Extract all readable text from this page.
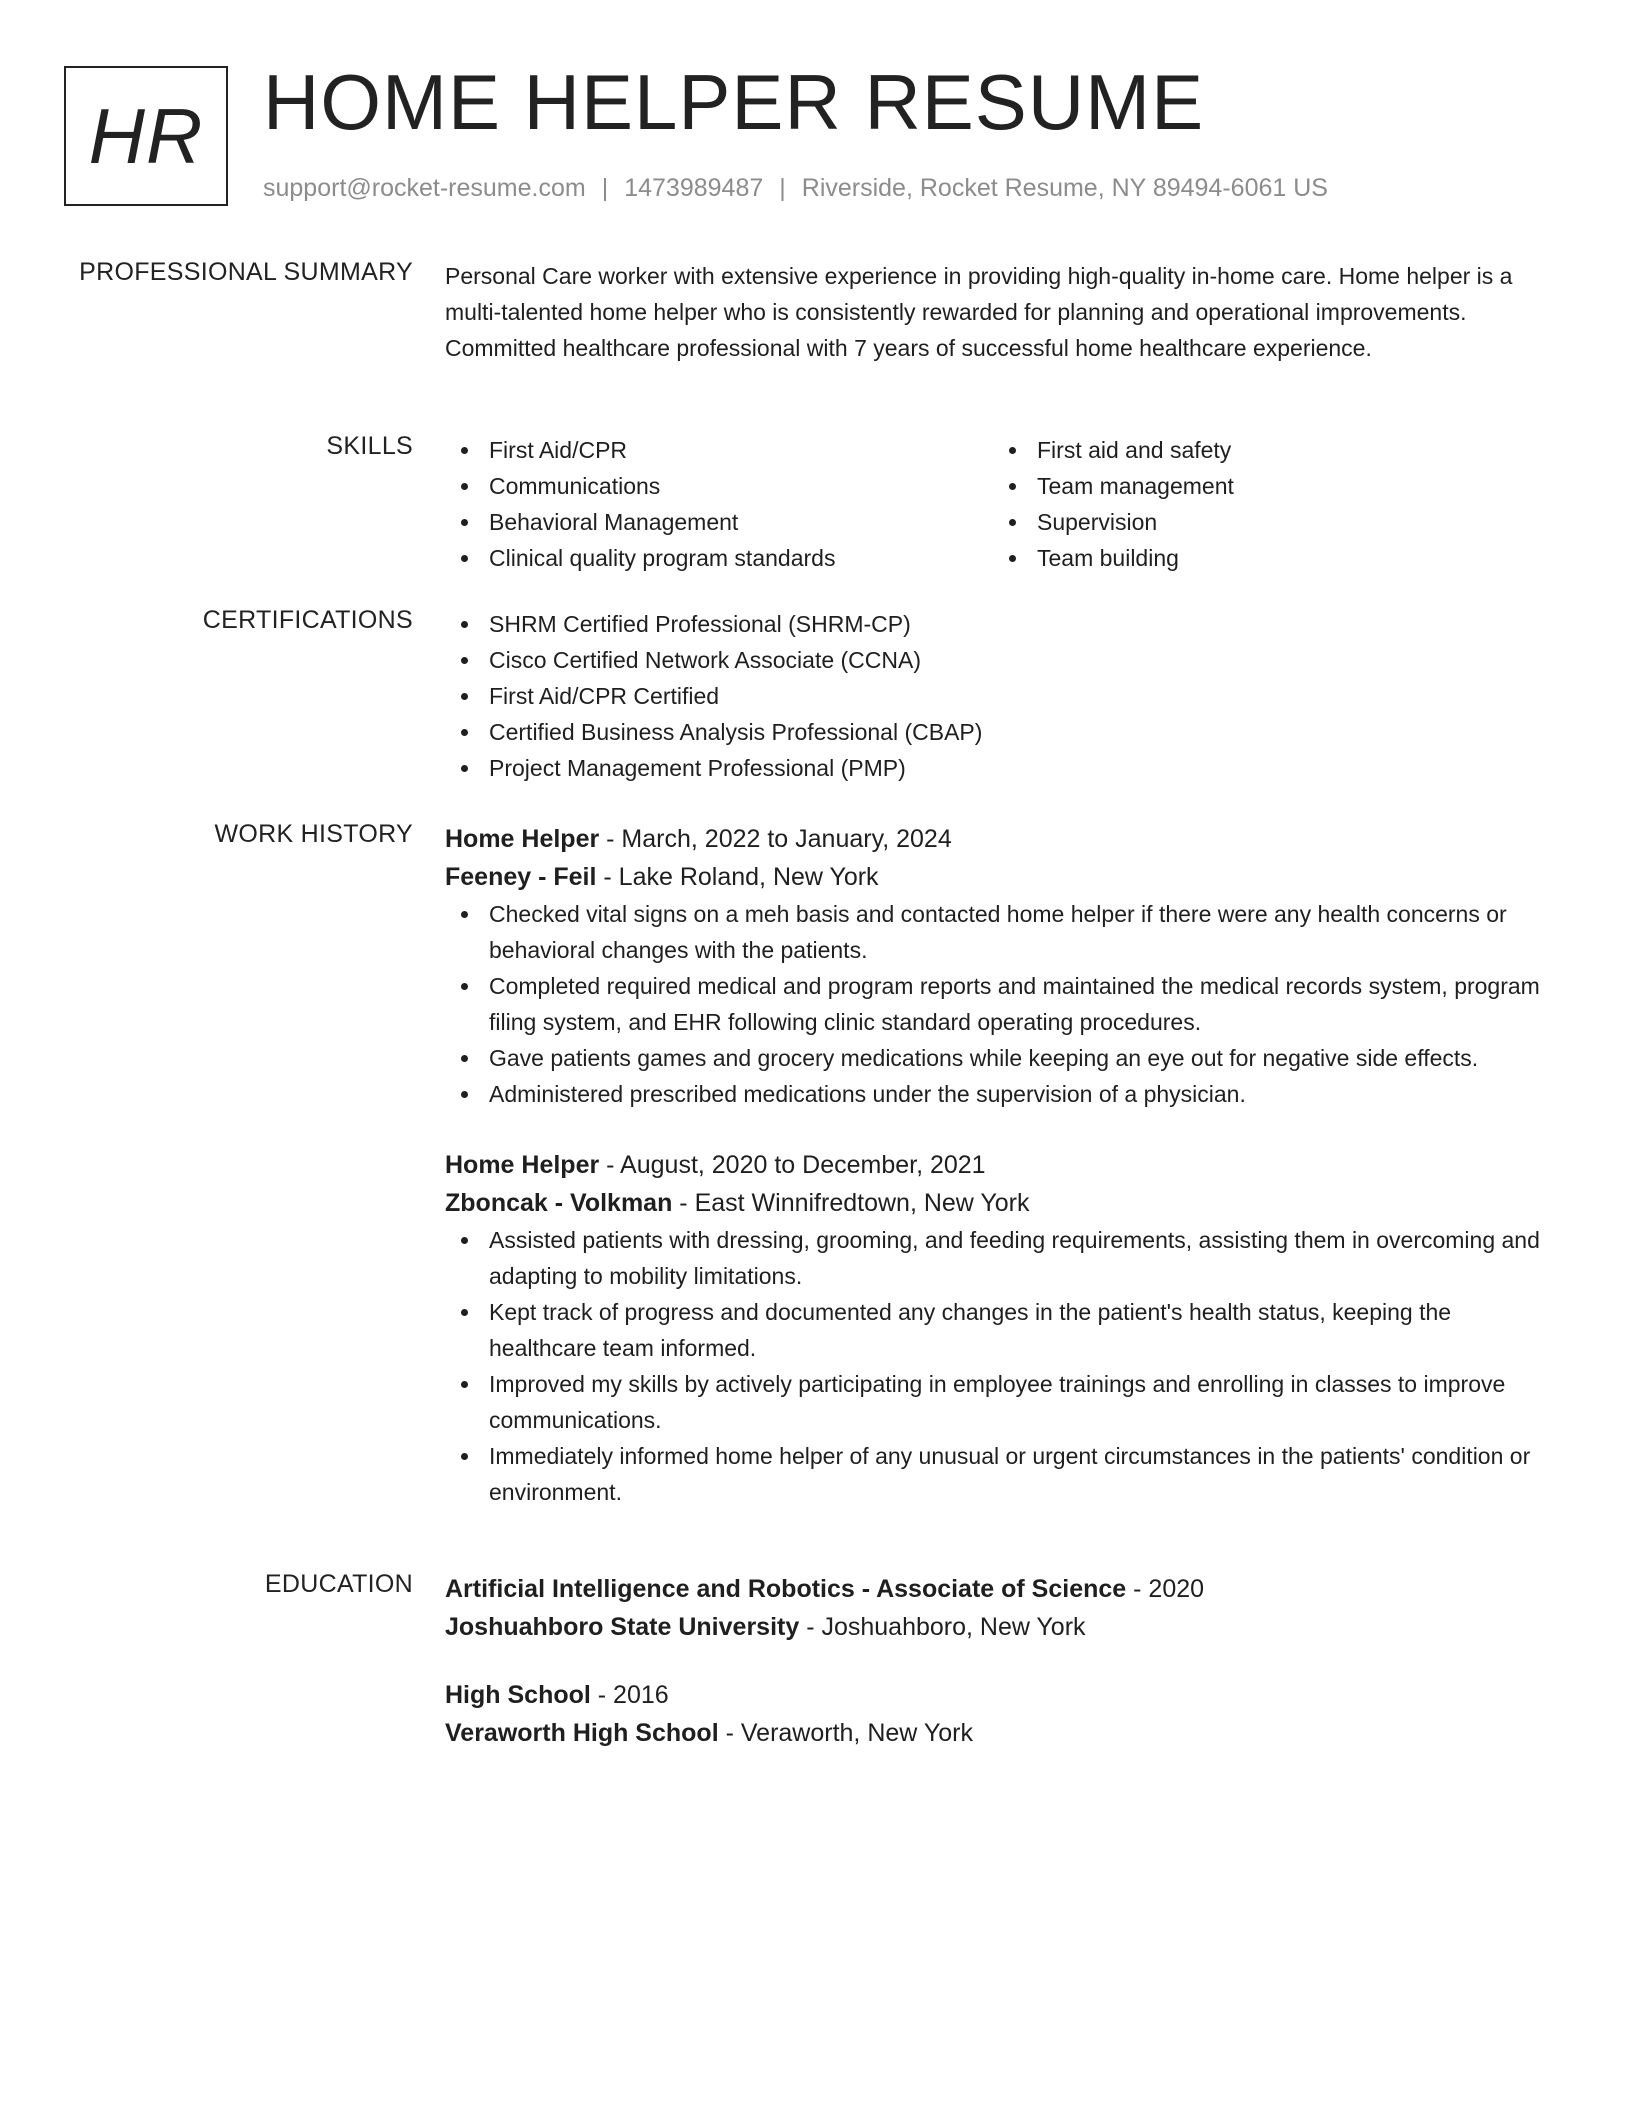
HR HOME HELPER RESUME
support@rocket-resume.com | 1473989487 | Riverside, Rocket Resume, NY 89494-6061 US
PROFESSIONAL SUMMARY Personal Care worker with extensive experience in providing high-quality in-home care. Home helper is a multi-talented home helper who is consistently rewarded for planning and operational improvements. Committed healthcare professional with 7 years of successful home healthcare experience.

SKILLS	First Aid/CPR
Communications
Behavioral Management
Clinical quality program standards
First aid and safety
Team management
Supervision
Team building
CERTIFICATIONS	SHRM Certified Professional (SHRM-CP)
Cisco Certified Network Associate (CCNA)
First Aid/CPR Certified
Certified Business Analysis Professional (CBAP)
Project Management Professional (PMP)
WORK HISTORY Home Helper - March, 2022 to January, 2024
Feeney - Feil - Lake Roland, New York
Checked vital signs on a meh basis and contacted home helper if there were any health concerns or behavioral changes with the patients.
Completed required medical and program reports and maintained the medical records system, program filing system, and EHR following clinic standard operating procedures.
Gave patients games and grocery medications while keeping an eye out for negative side effects.
Administered prescribed medications under the supervision of a physician.
Home Helper - August, 2020 to December, 2021
Zboncak - Volkman - East Winnifredtown, New York
Assisted patients with dressing, grooming, and feeding requirements, assisting them in overcoming and adapting to mobility limitations.
Kept track of progress and documented any changes in the patient's health status, keeping the healthcare team informed.
Improved my skills by actively participating in employee trainings and enrolling in classes to improve communications.
Immediately informed home helper of any unusual or urgent circumstances in the patients' condition or environment.
EDUCATION Artificial Intelligence and Robotics - Associate of Science - 2020
Joshuahboro State University - Joshuahboro, New York
High School - 2016
Veraworth High School - Veraworth, New York
